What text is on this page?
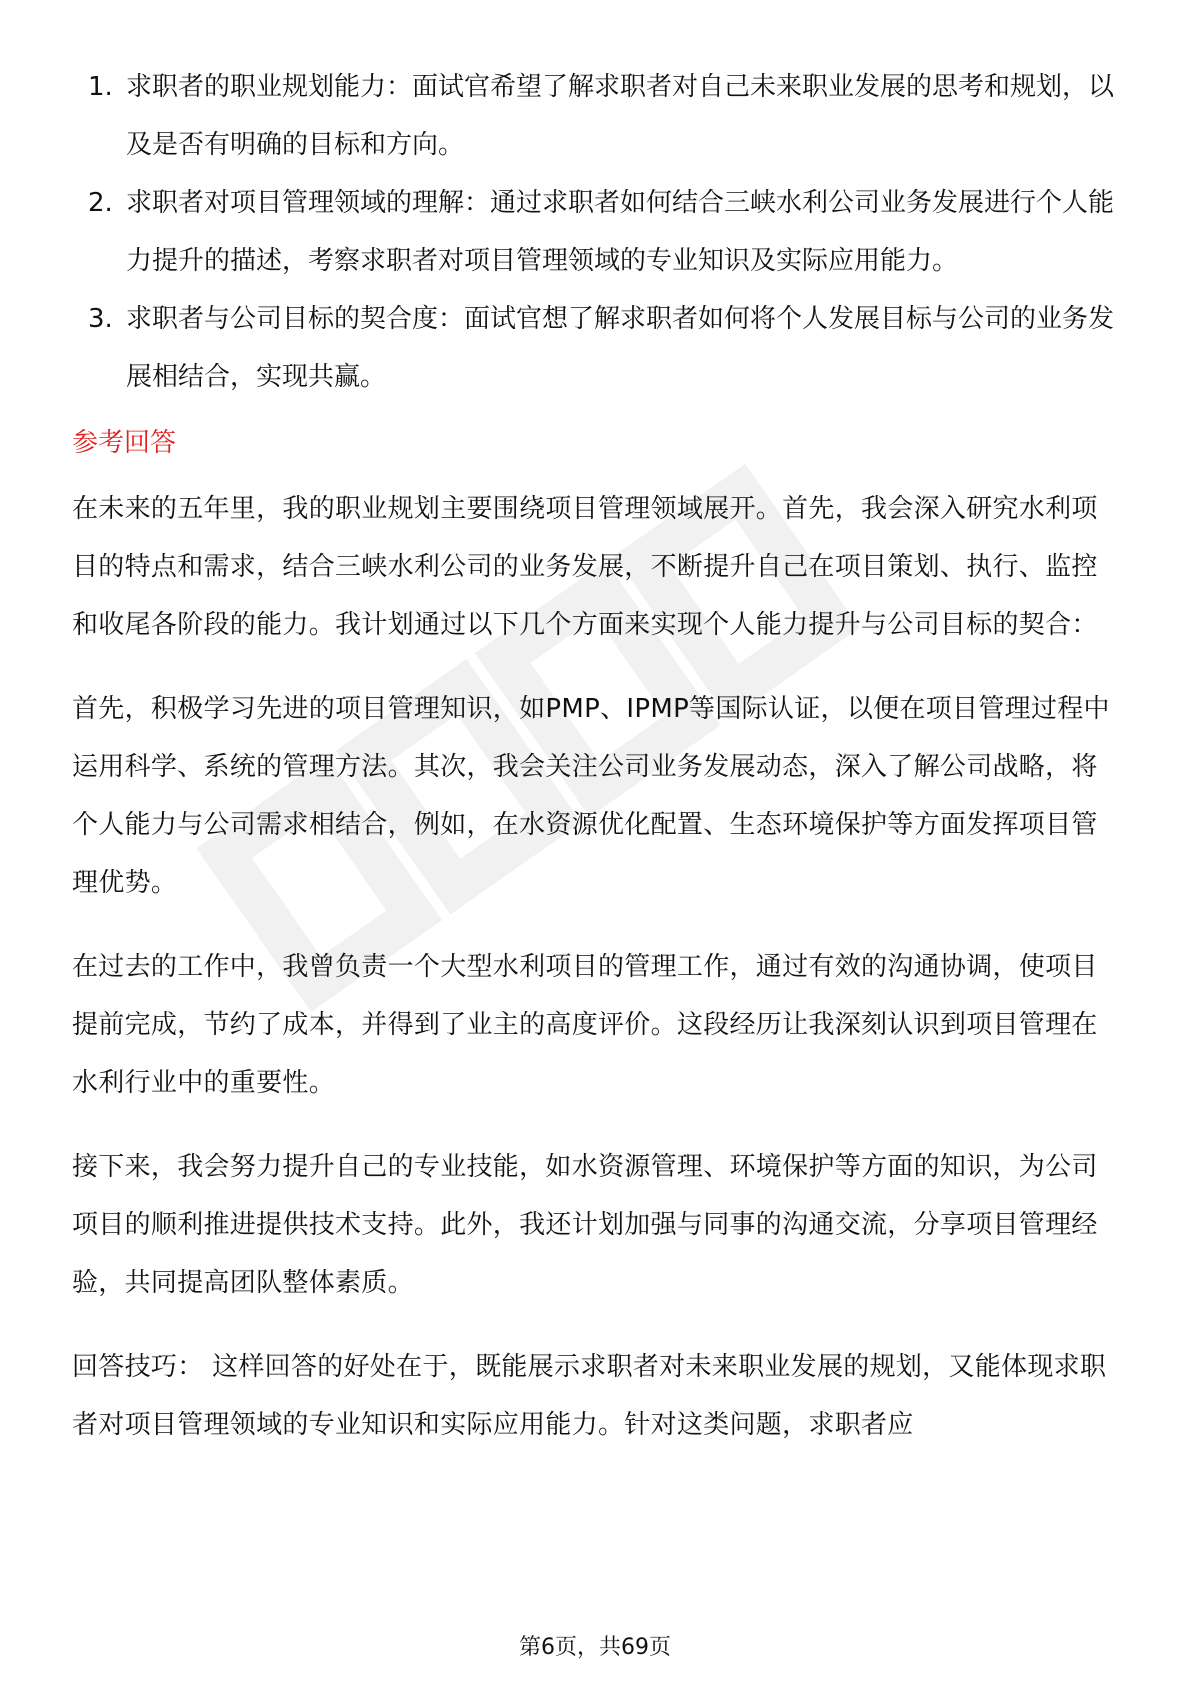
1. 求职者的职业规划能力：面试官希望了解求职者对自己未来职业发展的思考和规划，以及是否有明确的目标和方向。
2. 求职者对项目管理领域的理解：通过求职者如何结合三峡水利公司业务发展进行个人能力提升的描述，考察求职者对项目管理领域的专业知识及实际应用能力。
3. 求职者与公司目标的契合度：面试官想了解求职者如何将个人发展目标与公司的业务发展相结合，实现共赢。
参考回答

在未来的五年里，我的职业规划主要围绕项目管理领域展开。首先，我会深入研究水利项目的特点和需求，结合三峡水利公司的业务发展，不断提升自己在项目策划、执行、监控和收尾各阶段的能力。我计划通过以下几个方面来实现个人能力提升与公司目标的契合：

首先，积极学习先进的项目管理知识，如PMP、IPMP等国际认证，以便在项目管理过程中运用科学、系统的管理方法。其次，我会关注公司业务发展动态，深入了解公司战略，将个人能力与公司需求相结合，例如，在水资源优化配置、生态环境保护等方面发挥项目管理优势。

在过去的工作中，我曾负责一个大型水利项目的管理工作，通过有效的沟通协调，使项目提前完成，节约了成本，并得到了业主的高度评价。这段经历让我深刻认识到项目管理在水利行业中的重要性。

接下来，我会努力提升自己的专业技能，如水资源管理、环境保护等方面的知识，为公司项目的顺利推进提供技术支持。此外，我还计划加强与同事的沟通交流，分享项目管理经验，共同提高团队整体素质。

回答技巧： 这样回答的好处在于，既能展示求职者对未来职业发展的规划，又能体现求职者对项目管理领域的专业知识和实际应用能力。针对这类问题，求职者应

第6页，共69页
